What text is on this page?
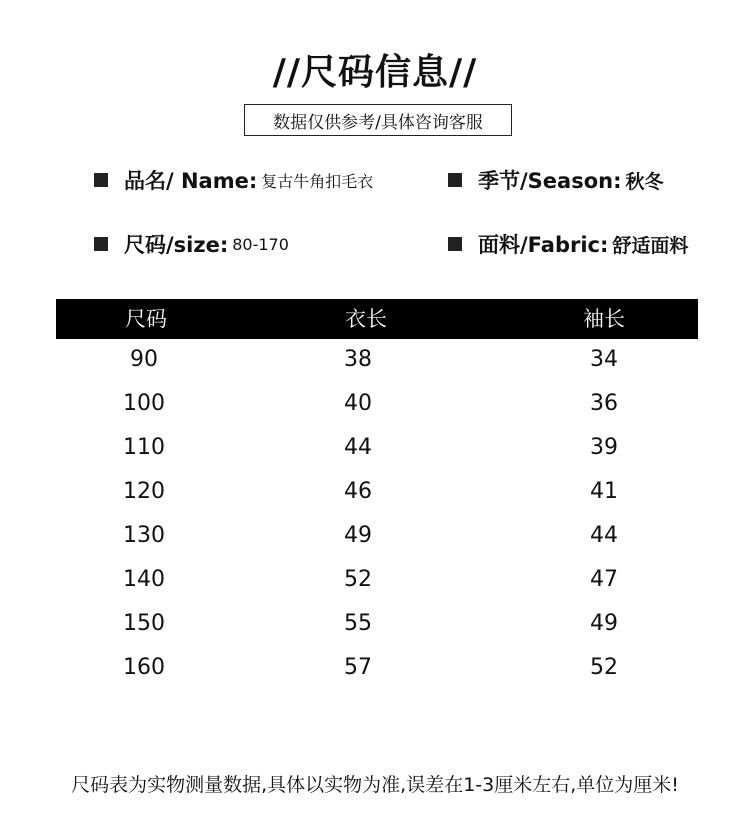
//尺码信息//
数据仅供参考/具体咨询客服
品名/ Name: 复古牛角扣毛衣	季节/Season: 秋冬
尺码/size: 80-170	面料/Fabric: 舒适面料
尺码	衣长	袖长
90	38	34
100	40	36
110	44	39
120	46	41
130	49	44
140	52	47
150	55	49
160	57	52
尺码表为实物测量数据,具体以实物为准,误差在1-3厘米左右,单位为厘米!
